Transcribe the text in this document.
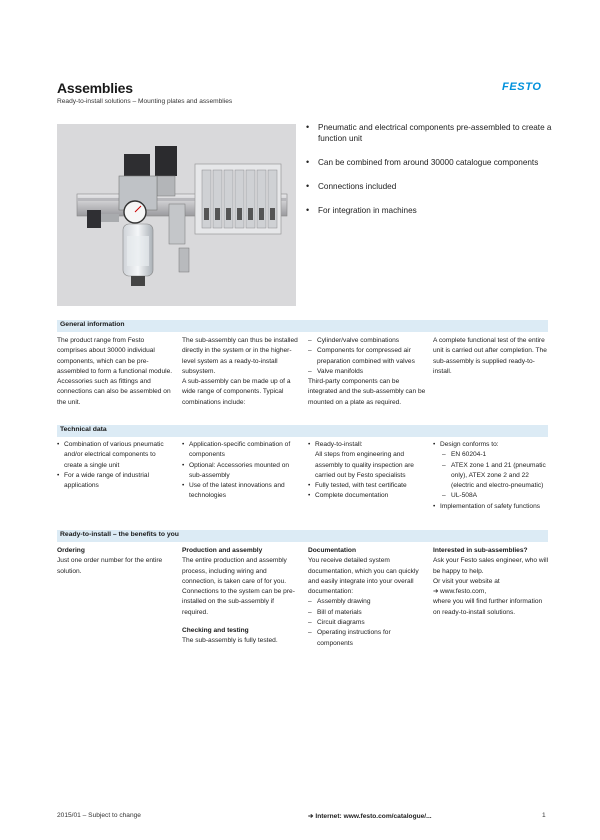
Assemblies
Ready-to-install solutions – Mounting plates and assemblies
FESTO
• Pneumatic and electrical components pre-assembled to create a function unit
• Can be combined from around 30000 catalogue components
• Connections included
• For integration in machines
General information

The product range from Festo comprises about 30000 individual components, which can be pre-assembled to form a functional module. Accessories such as fittings and connections can also be assembled on the unit.

The sub-assembly can thus be installed directly in the system or in the higher-level system as a ready-to-install subsystem.

A sub-assembly can be made up of a wide range of components. Typical combinations include:

– Cylinder/valve combinations

– Components for compressed air preparation combined with valves

– Valve manifolds

Third-party components can be integrated and the sub-assembly can be mounted on a plate as required.

A complete functional test of the entire unit is carried out after completion. The sub-assembly is supplied ready-to-install.

Technical data

• Combination of various pneumatic and/or electrical components to create a single unit

• For a wide range of industrial applications

• Application-specific combination of components

• Optional: Accessories mounted on sub-assembly

• Use of the latest innovations and technologies

• Ready-to-install:

All steps from engineering and assembly to quality inspection are carried out by Festo specialists

• Fully tested, with test certificate

• Complete documentation

• Design conforms to:

– EN 60204-1

– ATEX zone 1 and 21 (pneumatic only), ATEX zone 2 and 22 (electric and electro-pneumatic)

– UL-508A

• Implementation of safety functions

Ready-to-install – the benefits to you

Ordering

Just one order number for the entire solution.

Production and assembly

The entire production and assembly process, including wiring and connection, is taken care of for you. Connections to the system can be pre-installed on the sub-assembly if required.

Checking and testing

The sub-assembly is fully tested.

Documentation

You receive detailed system documentation, which you can quickly and easily integrate into your overall documentation:

– Assembly drawing

– Bill of materials

– Circuit diagrams

– Operating instructions for components

Interested in sub-assemblies?

Ask your Festo sales engineer, who will be happy to help.

Or visit your website at

➔ www.festo.com,

where you will find further information on ready-to-install solutions.

2015/01 – Subject to change	➔ Internet: www.festo.com/catalogue/...	1
